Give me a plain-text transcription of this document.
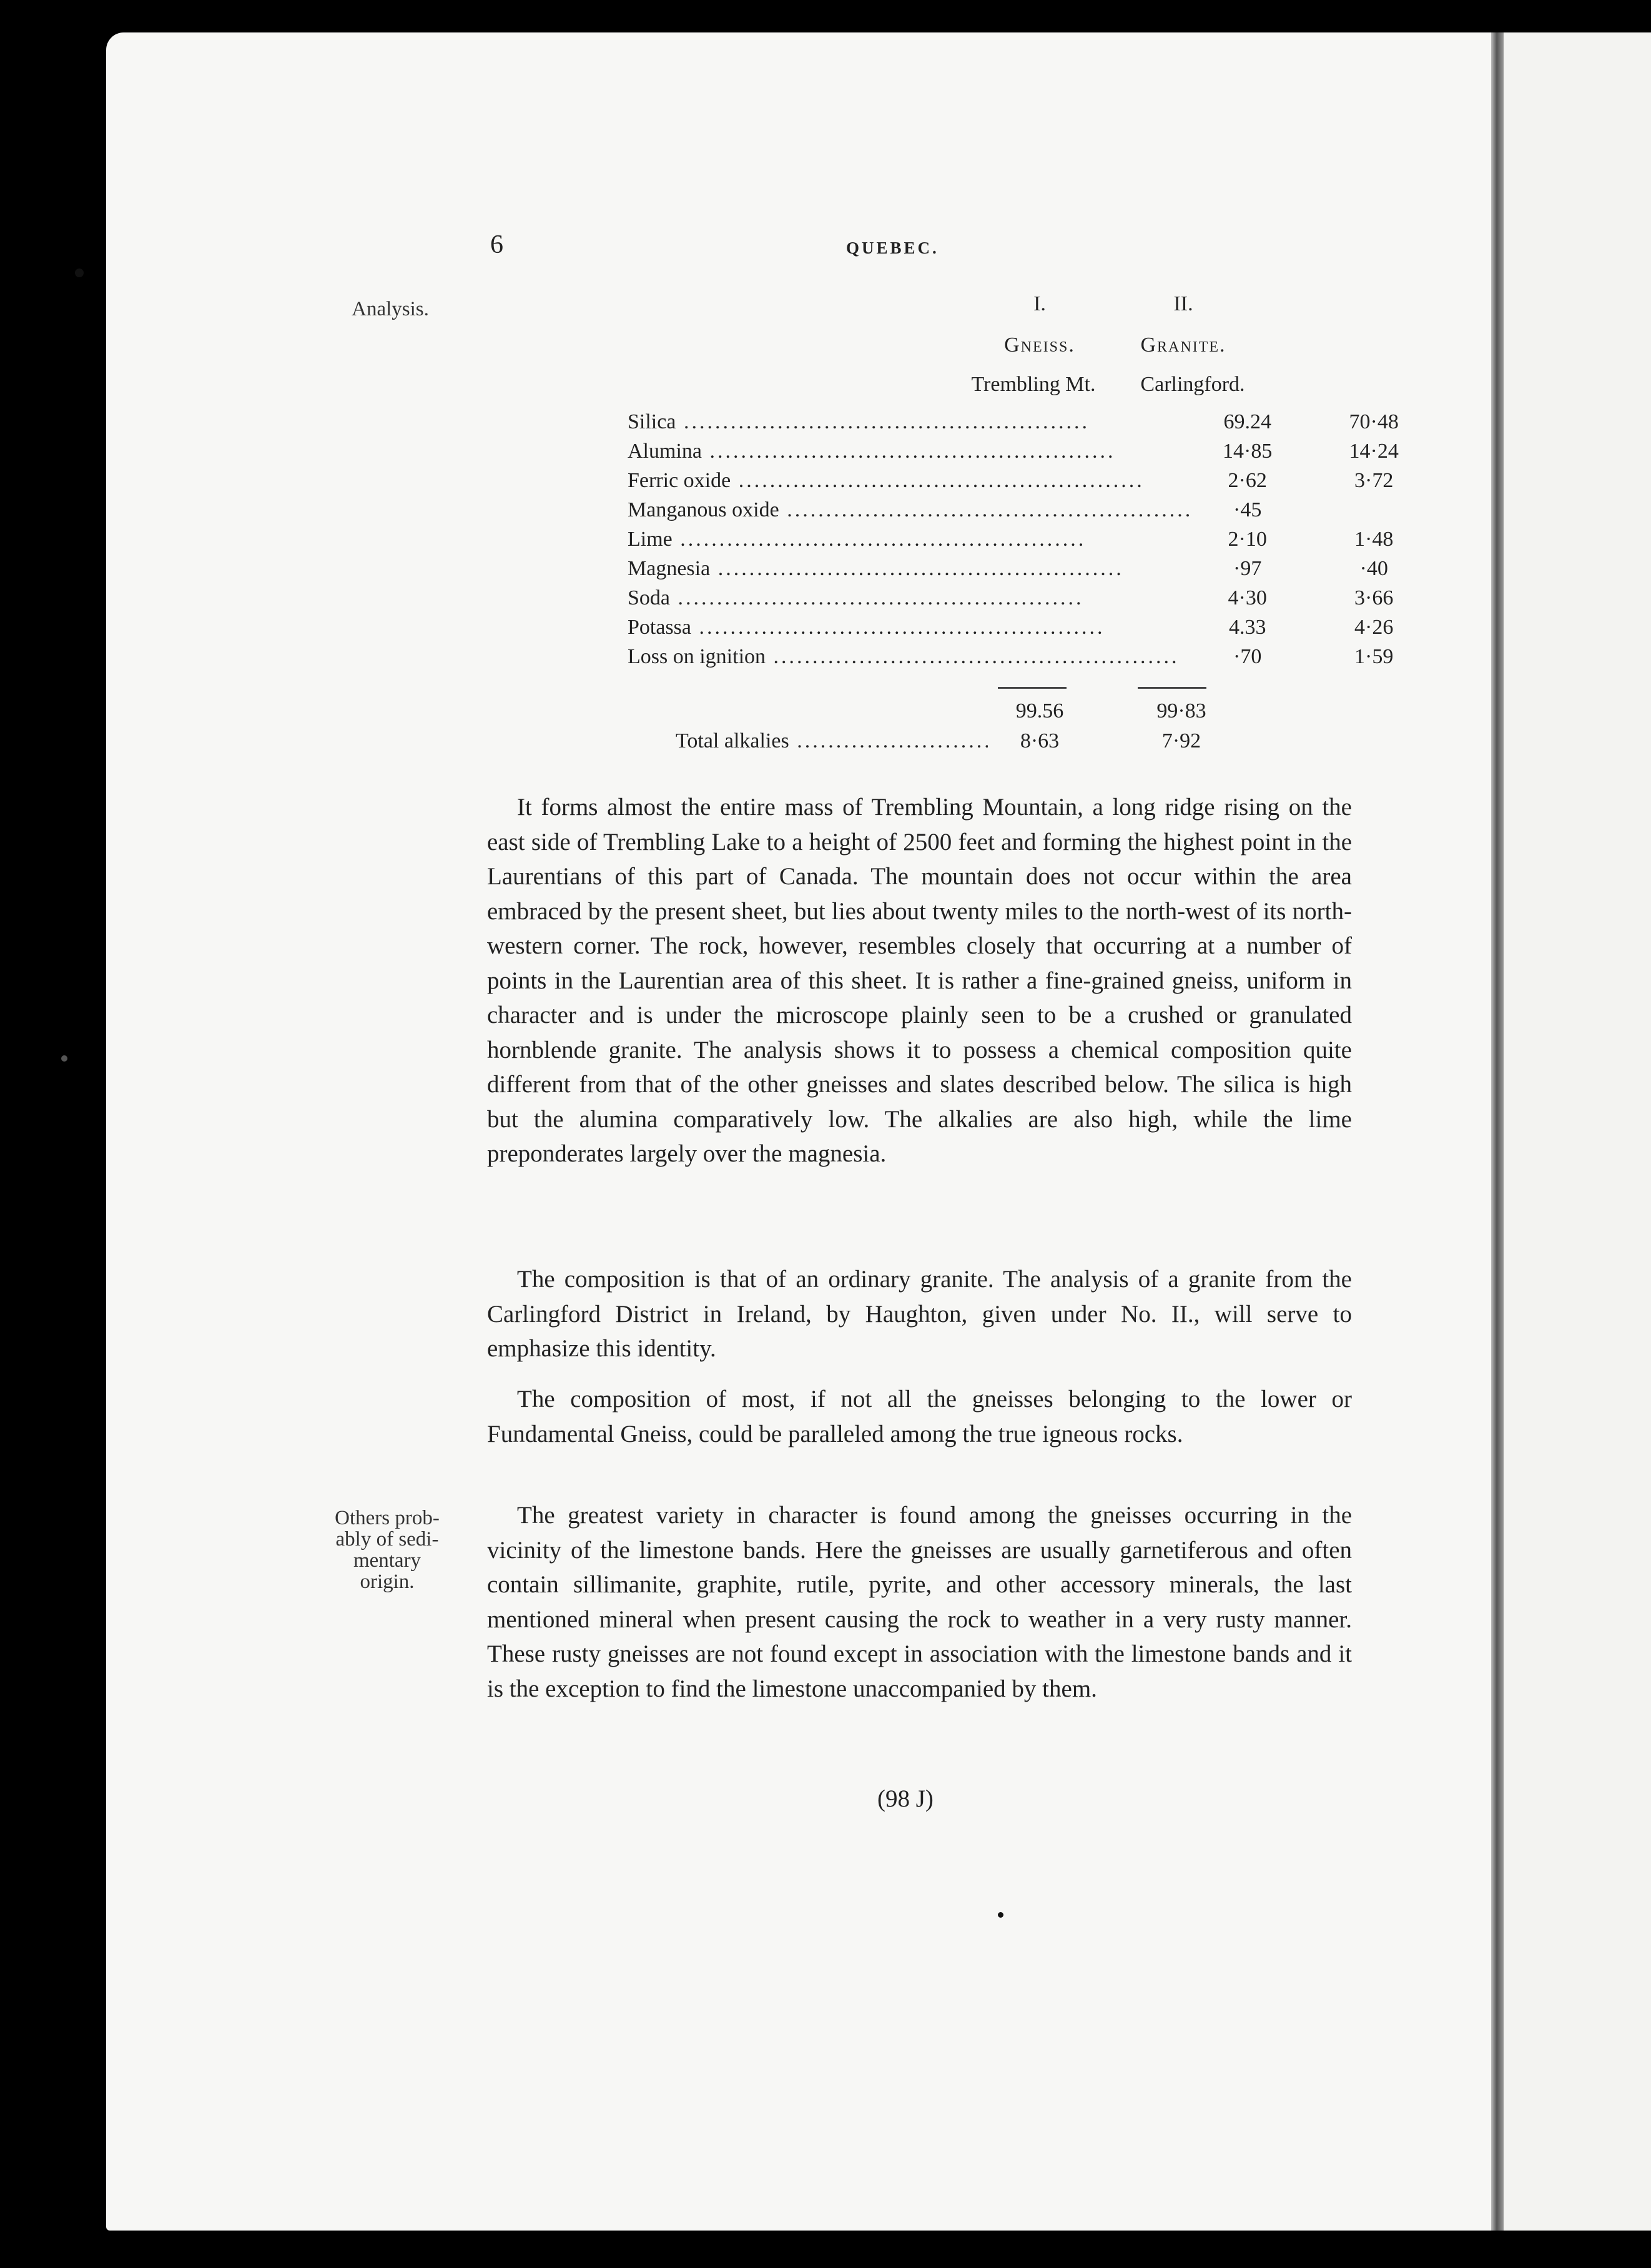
6	QUEBEC.
Analysis.
Others prob-
ably of sedi-
mentary
origin.
I.	II.
Gneiss.	Granite.
Trembling Mt.	Carlingford.
Silica .....	69.24	70·48
Alumina .....	14·85	14·24
Ferric oxide .....	2·62	3·72
Manganous oxide .....	·45	
Lime .....	2·10	1·48
Magnesia .....	·97	·40
Soda .....	4·30	3·66
Potassa .....	4.33	4·26
Loss on ignition .....	·70	1·59
99.56	99·83
Total alkalies .....	8·63	7·92

It forms almost the entire mass of Trembling Mountain, a long ridge rising on the east side of Trembling Lake to a height of 2500 feet and forming the highest point in the Laurentians of this part of Canada. The mountain does not occur within the area embraced by the present sheet, but lies about twenty miles to the north-west of its north-western corner. The rock, however, resembles closely that occurring at a number of points in the Laurentian area of this sheet. It is rather a fine-grained gneiss, uniform in character and is under the microscope plainly seen to be a crushed or granulated hornblende granite. The analysis shows it to possess a chemical composition quite different from that of the other gneisses and slates described below. The silica is high but the alumina comparatively low. The alkalies are also high, while the lime preponderates largely over the magnesia.

The composition is that of an ordinary granite. The analysis of a granite from the Carlingford District in Ireland, by Haughton, given under No. II., will serve to emphasize this identity.

The composition of most, if not all the gneisses belonging to the lower or Fundamental Gneiss, could be paralleled among the true igneous rocks.

The greatest variety in character is found among the gneisses occurring in the vicinity of the limestone bands. Here the gneisses are usually garnetiferous and often contain sillimanite, graphite, rutile, pyrite, and other accessory minerals, the last mentioned mineral when present causing the rock to weather in a very rusty manner. These rusty gneisses are not found except in association with the limestone bands and it is the exception to find the limestone unaccompanied by them.

(98 J)
